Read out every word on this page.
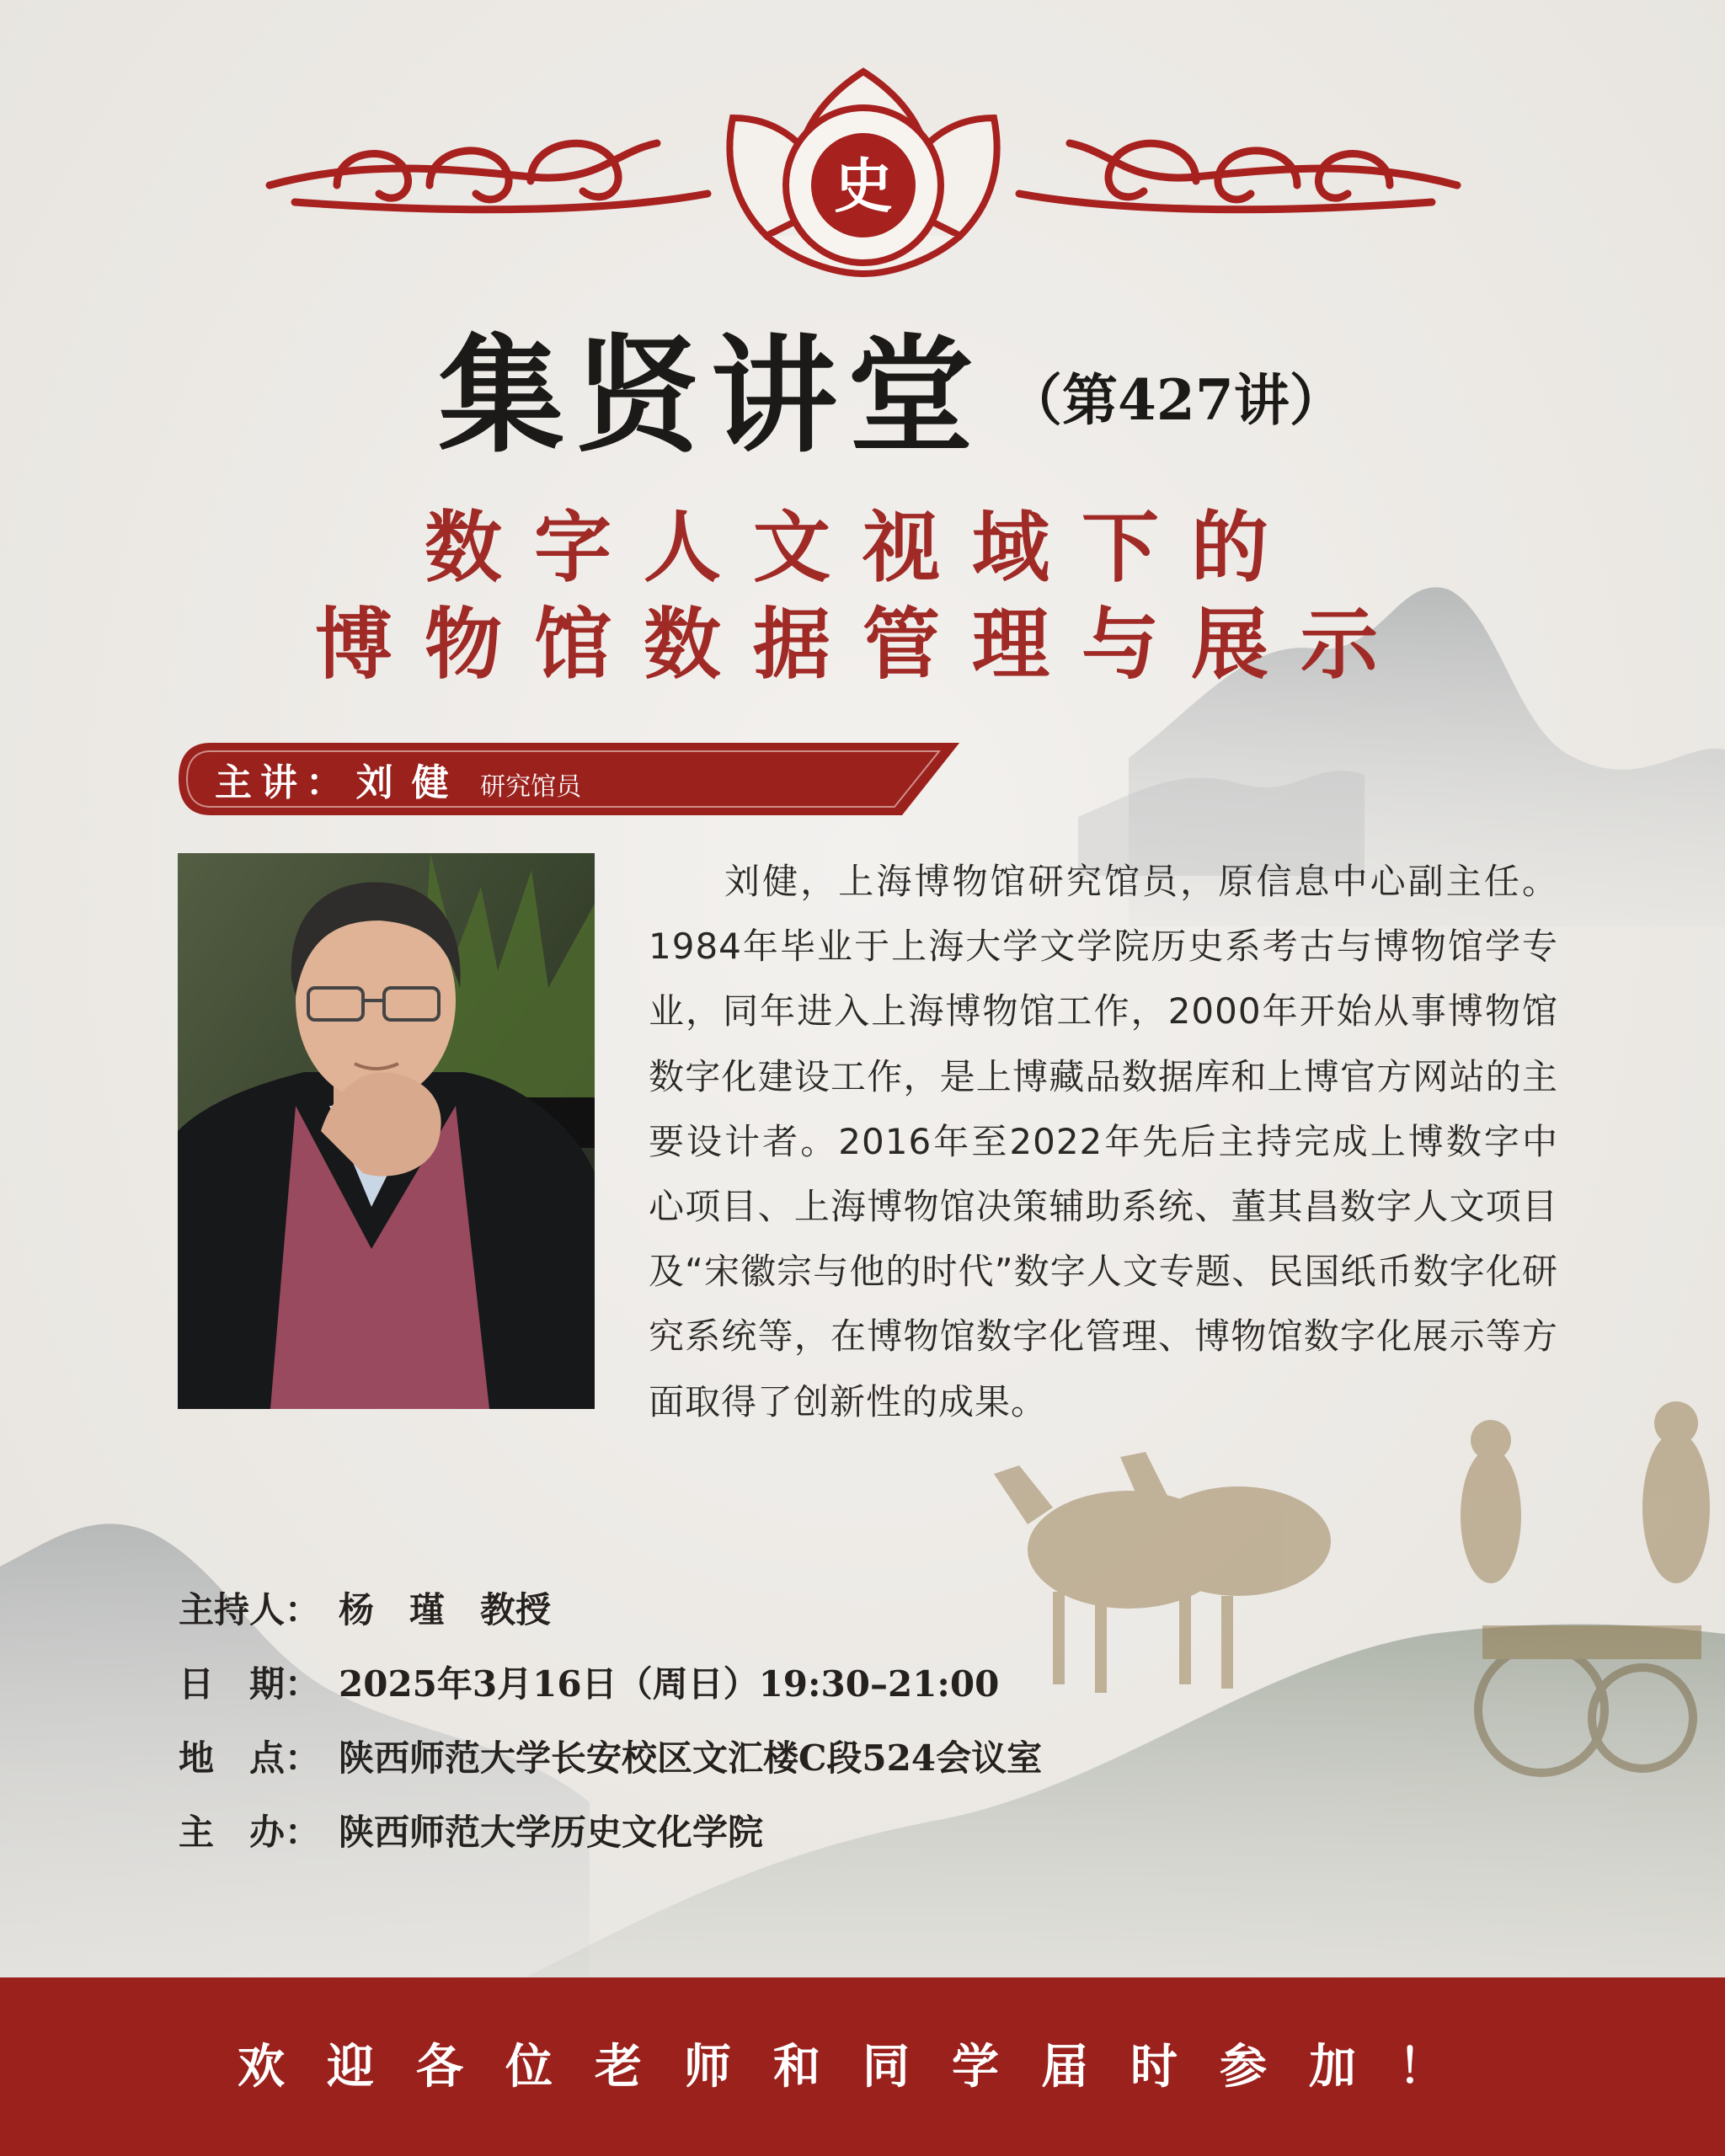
史
集贤讲堂 （第427讲）
数字人文视域下的
博物馆数据管理与展示
主讲： 刘健 研究馆员
刘健，上海博物馆研究馆员，原信息中心副主任。1984年毕业于上海大学文学院历史系考古与博物馆学专业，同年进入上海博物馆工作，2000年开始从事博物馆数字化建设工作，是上博藏品数据库和上博官方网站的主要设计者。2016年至2022年先后主持完成上博数字中心项目、上海博物馆决策辅助系统、董其昌数字人文项目及“宋徽宗与他的时代”数字人文专题、民国纸币数字化研究系统等，在博物馆数字化管理、博物馆数字化展示等方面取得了创新性的成果。
主持人： 杨　瑾　教授
日　期： 2025年3月16日（周日）19:30–21:00
地　点： 陕西师范大学长安校区文汇楼C段524会议室
主　办： 陕西师范大学历史文化学院
欢迎各位老师和同学届时参加！
